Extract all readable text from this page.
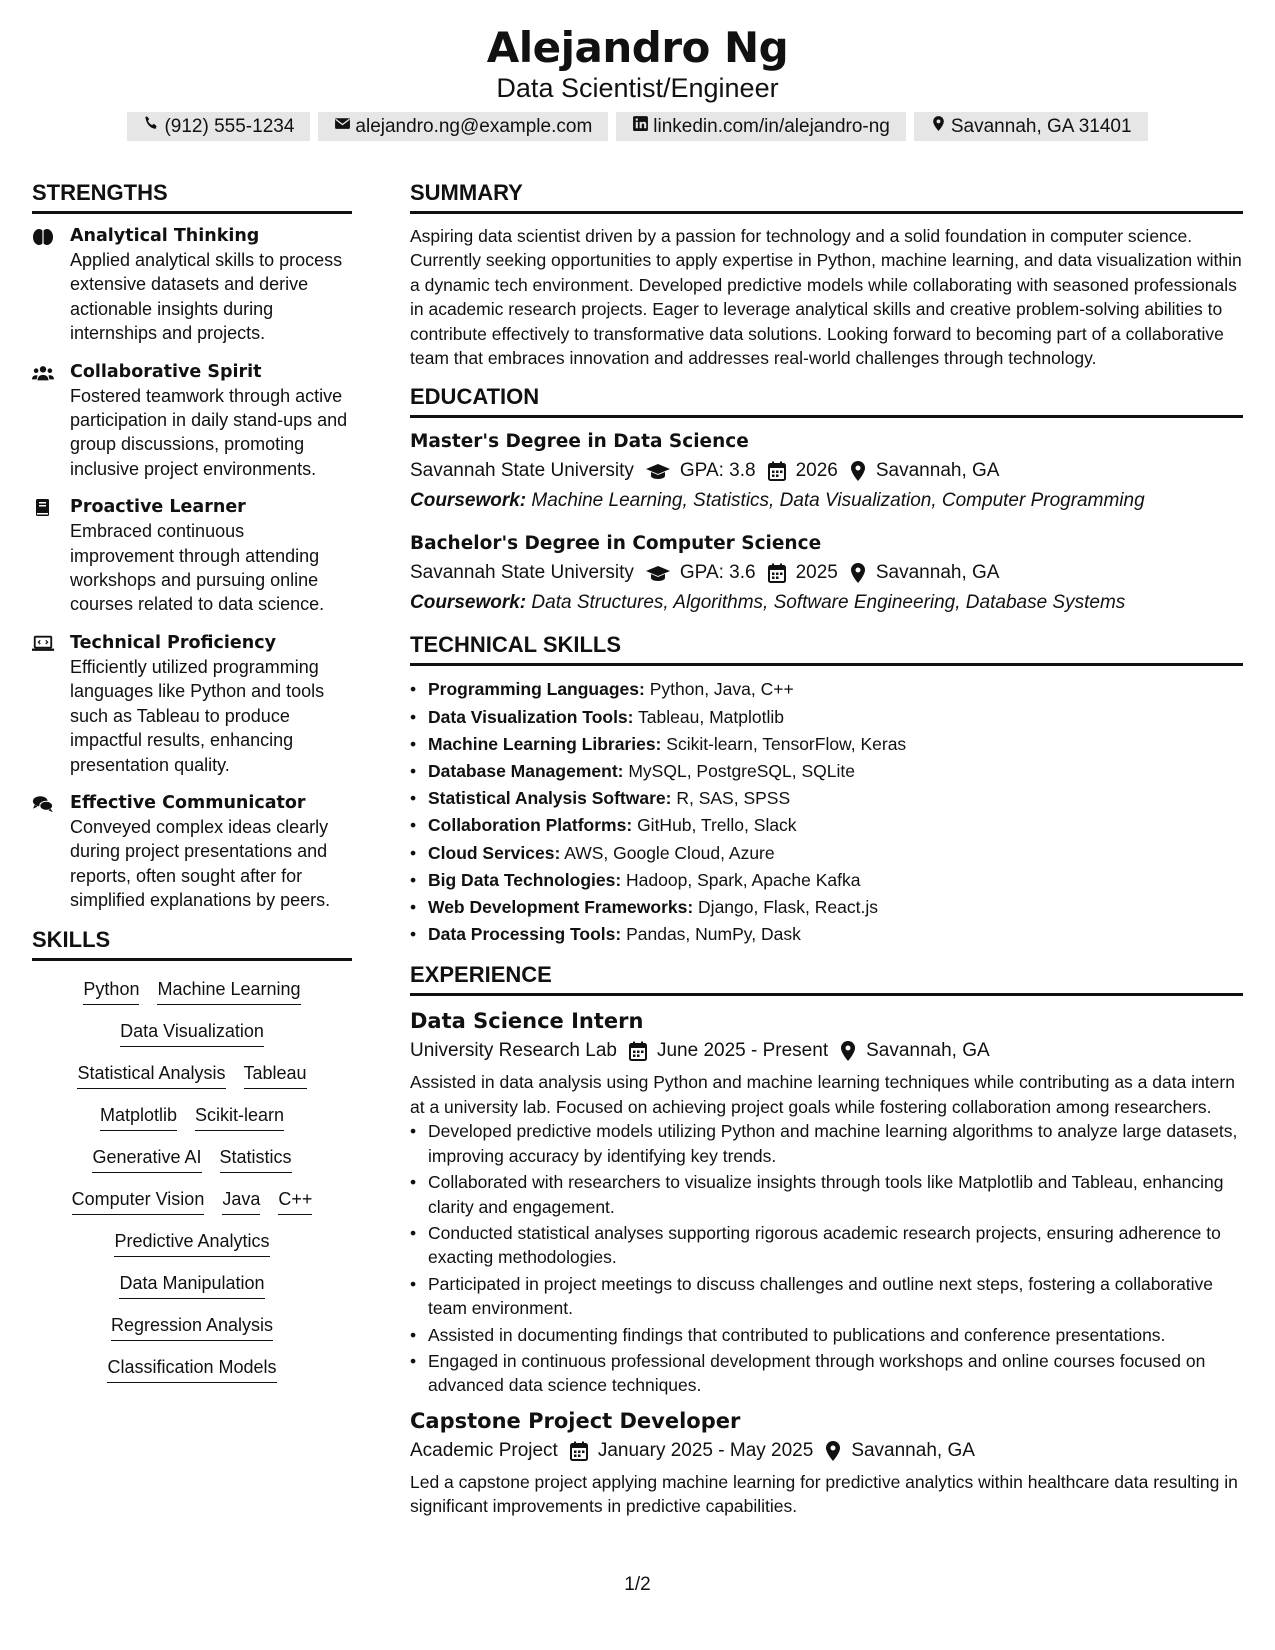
Alejandro Ng
Data Scientist/Engineer
(912) 555-1234	alejandro.ng@example.com	linkedin.com/in/alejandro-ng	Savannah, GA 31401
STRENGTHS
Analytical Thinking
Applied analytical skills to process extensive datasets and derive actionable insights during internships and projects.
Collaborative Spirit
Fostered teamwork through active participation in daily stand-ups and group discussions, promoting inclusive project environments.
Proactive Learner
Embraced continuous improvement through attending workshops and pursuing online courses related to data science.
Technical Proficiency
Efficiently utilized programming languages like Python and tools such as Tableau to produce impactful results, enhancing presentation quality.
Effective Communicator
Conveyed complex ideas clearly during project presentations and reports, often sought after for simplified explanations by peers.
SKILLS
Python Machine Learning
Data Visualization
Statistical Analysis Tableau
Matplotlib Scikit-learn
Generative AI Statistics
Computer Vision Java C++
Predictive Analytics
Data Manipulation
Regression Analysis
Classification Models
SUMMARY
Aspiring data scientist driven by a passion for technology and a solid foundation in computer science. Currently seeking opportunities to apply expertise in Python, machine learning, and data visualization within a dynamic tech environment. Developed predictive models while collaborating with seasoned professionals in academic research projects. Eager to leverage analytical skills and creative problem-solving abilities to contribute effectively to transformative data solutions. Looking forward to becoming part of a collaborative team that embraces innovation and addresses real-world challenges through technology.
EDUCATION
Master's Degree in Data Science
Savannah State University GPA: 3.8 2026 Savannah, GA
Coursework: Machine Learning, Statistics, Data Visualization, Computer Programming
Bachelor's Degree in Computer Science
Savannah State University GPA: 3.6 2025 Savannah, GA
Coursework: Data Structures, Algorithms, Software Engineering, Database Systems
TECHNICAL SKILLS
• Programming Languages: Python, Java, C++
• Data Visualization Tools: Tableau, Matplotlib
• Machine Learning Libraries: Scikit-learn, TensorFlow, Keras
• Database Management: MySQL, PostgreSQL, SQLite
• Statistical Analysis Software: R, SAS, SPSS
• Collaboration Platforms: GitHub, Trello, Slack
• Cloud Services: AWS, Google Cloud, Azure
• Big Data Technologies: Hadoop, Spark, Apache Kafka
• Web Development Frameworks: Django, Flask, React.js
• Data Processing Tools: Pandas, NumPy, Dask
EXPERIENCE
Data Science Intern
University Research Lab June 2025 - Present Savannah, GA
Assisted in data analysis using Python and machine learning techniques while contributing as a data intern at a university lab. Focused on achieving project goals while fostering collaboration among researchers.
• Developed predictive models utilizing Python and machine learning algorithms to analyze large datasets, improving accuracy by identifying key trends.
• Collaborated with researchers to visualize insights through tools like Matplotlib and Tableau, enhancing clarity and engagement.
• Conducted statistical analyses supporting rigorous academic research projects, ensuring adherence to exacting methodologies.
• Participated in project meetings to discuss challenges and outline next steps, fostering a collaborative team environment.
• Assisted in documenting findings that contributed to publications and conference presentations.
• Engaged in continuous professional development through workshops and online courses focused on advanced data science techniques.
Capstone Project Developer
Academic Project January 2025 - May 2025 Savannah, GA
Led a capstone project applying machine learning for predictive analytics within healthcare data resulting in significant improvements in predictive capabilities.
1/2
